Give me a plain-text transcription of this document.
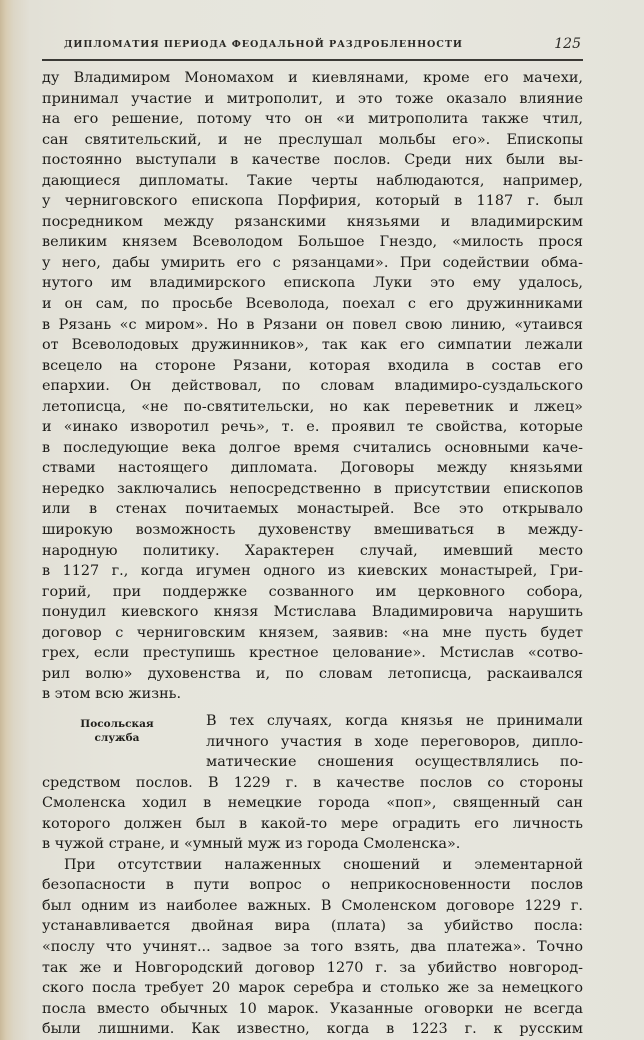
ДИПЛОМАТИЯ ПЕРИОДА ФЕОДАЛЬНОЙ РАЗДРОБЛЕННОСТИ	125
ду Владимиром Мономахом и киевлянами, кроме его мачехи,
принимал участие и митрополит, и это тоже оказало влияние
на его решение, потому что он «и митрополита также чтил,
сан святительский, и не преслушал мольбы его». Епископы
постоянно выступали в качестве послов. Среди них были вы-
дающиеся дипломаты. Такие черты наблюдаются, например,
у черниговского епископа Порфирия, который в 1187 г. был
посредником между рязанскими князьями и владимирским
великим князем Всеволодом Большое Гнездо, «милость прося
у него, дабы умирить его с рязанцами». При содействии обма-
нутого им владимирского епископа Луки это ему удалось,
и он сам, по просьбе Всеволода, поехал с его дружинниками
в Рязань «с миром». Но в Рязани он повел свою линию, «утаився
от Всеволодовых дружинников», так как его симпатии лежали
всецело на стороне Рязани, которая входила в состав его
епархии. Он действовал, по словам владимиро-суздальского
летописца, «не по-святительски, но как переветник и лжец»
и «инако изворотил речь», т. е. проявил те свойства, которые
в последующие века долгое время считались основными каче-
ствами настоящего дипломата. Договоры между князьями
нередко заключались непосредственно в присутствии епископов
или в стенах почитаемых монастырей. Все это открывало
широкую возможность духовенству вмешиваться в между-
народную политику. Характерен случай, имевший место
в 1127 г., когда игумен одного из киевских монастырей, Гри-
горий, при поддержке созванного им церковного собора,
понудил киевского князя Мстислава Владимировича нарушить
договор с черниговским князем, заявив: «на мне пусть будет
грех, если преступишь крестное целование». Мстислав «сотво-
рил волю» духовенства и, по словам летописца, раскаивался
в этом всю жизнь.
Посольская
служба
В тех случаях, когда князья не принимали
личного участия в ходе переговоров, дипло-
матические сношения осуществлялись по-
средством послов. В 1229 г. в качестве послов со стороны
Смоленска ходил в немецкие города «поп», священный сан
которого должен был в какой-то мере оградить его личность
в чужой стране, и «умный муж из города Смоленска».
При отсутствии налаженных сношений и элементарной
безопасности в пути вопрос о неприкосновенности послов
был одним из наиболее важных. В Смоленском договоре 1229 г.
устанавливается двойная вира (плата) за убийство посла:
«послу что учинят... задвое за того взять, два платежа». Точно
так же и Новгородский договор 1270 г. за убийство новгород-
ского посла требует 20 марок серебра и столько же за немецкого
посла вместо обычных 10 марок. Указанные оговорки не всегда
были лишними. Как известно, когда в 1223 г. к русским
